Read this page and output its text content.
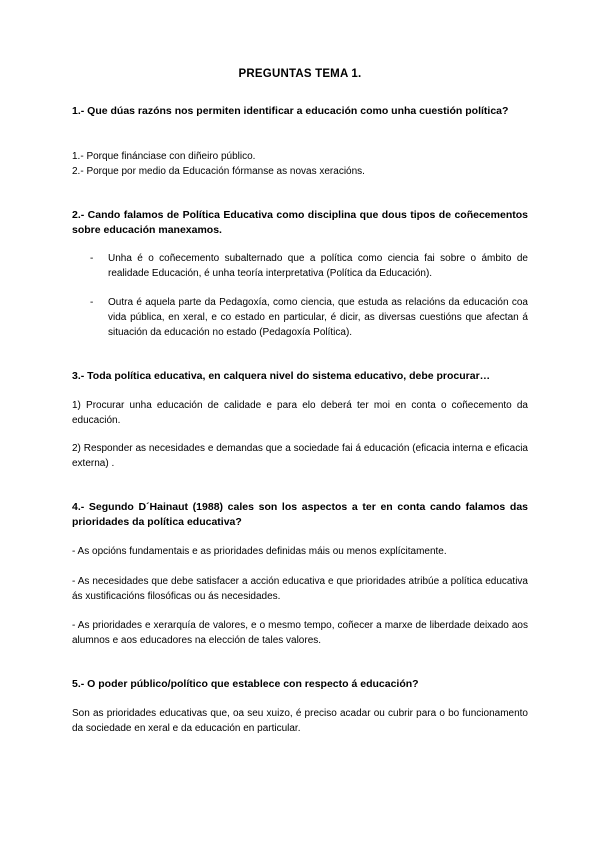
PREGUNTAS TEMA 1.
1.- Que dúas razóns nos permiten identificar a educación como unha cuestión política?
1.- Porque finánciase con diñeiro público.
2.- Porque por medio da Educación fórmanse as novas xeracións.
2.- Cando falamos de Política Educativa como disciplina que dous tipos de coñecementos sobre educación manexamos.
- Unha é o coñecemento subalternado que a política como ciencia fai sobre o ámbito de realidade Educación, é unha teoría interpretativa (Política da Educación).
- Outra é aquela parte da Pedagoxía, como ciencia, que estuda as relacións da educación coa vida pública, en xeral, e co estado en particular, é dicir, as diversas cuestións que afectan á situación da educación no estado (Pedagoxía Política).
3.- Toda política educativa, en calquera nivel do sistema educativo, debe procurar…
1) Procurar unha educación de calidade e para elo deberá ter moi en conta o coñecemento da educación.
2) Responder as necesidades e demandas que a sociedade fai á educación (eficacia interna e eficacia externa) .
4.- Segundo D´Hainaut (1988) cales son los aspectos a ter en conta cando falamos das prioridades da política educativa?
- As opcións fundamentais e as prioridades definidas máis ou menos explícitamente.
- As necesidades que debe satisfacer a acción educativa e que prioridades atribúe a política educativa ás xustificacións filosóficas ou ás necesidades.
- As prioridades e xerarquía de valores, e o mesmo tempo, coñecer a marxe de liberdade deixado aos alumnos e aos educadores na elección de tales valores.
5.- O poder público/político que establece con respecto á educación?
Son as prioridades educativas que, oa seu xuizo, é preciso acadar ou cubrir para o bo funcionamento da sociedade en xeral e da educación en particular.
